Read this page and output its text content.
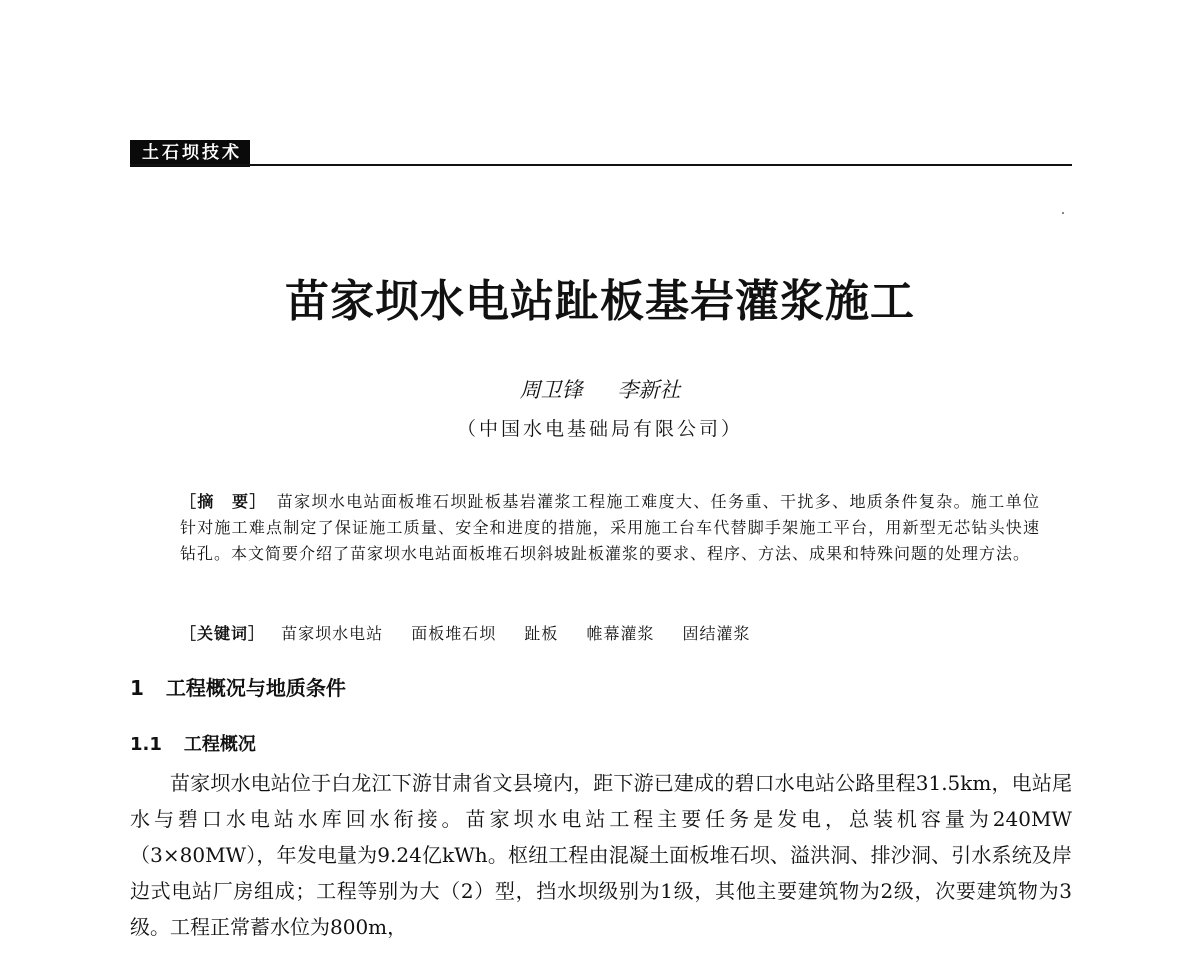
土石坝技术
苗家坝水电站趾板基岩灌浆施工
周卫锋 李新社
（中国水电基础局有限公司）
［摘　要］ 苗家坝水电站面板堆石坝趾板基岩灌浆工程施工难度大、任务重、干扰多、地质条件复杂。施工单位针对施工难点制定了保证施工质量、安全和进度的措施，采用施工台车代替脚手架施工平台，用新型无芯钻头快速钻孔。本文简要介绍了苗家坝水电站面板堆石坝斜坡趾板灌浆的要求、程序、方法、成果和特殊问题的处理方法。
［关键词］ 苗家坝水电站 面板堆石坝 趾板 帷幕灌浆 固结灌浆
1 工程概况与地质条件
1.1 工程概况
苗家坝水电站位于白龙江下游甘肃省文县境内，距下游已建成的碧口水电站公路里程31.5km，电站尾水与碧口水电站水库回水衔接。苗家坝水电站工程主要任务是发电，总装机容量为240MW（3×80MW），年发电量为9.24亿kWh。枢纽工程由混凝土面板堆石坝、溢洪洞、排沙洞、引水系统及岸边式电站厂房组成；工程等别为大（2）型，挡水坝级别为1级，其他主要建筑物为2级，次要建筑物为3级。工程正常蓄水位为800m，
